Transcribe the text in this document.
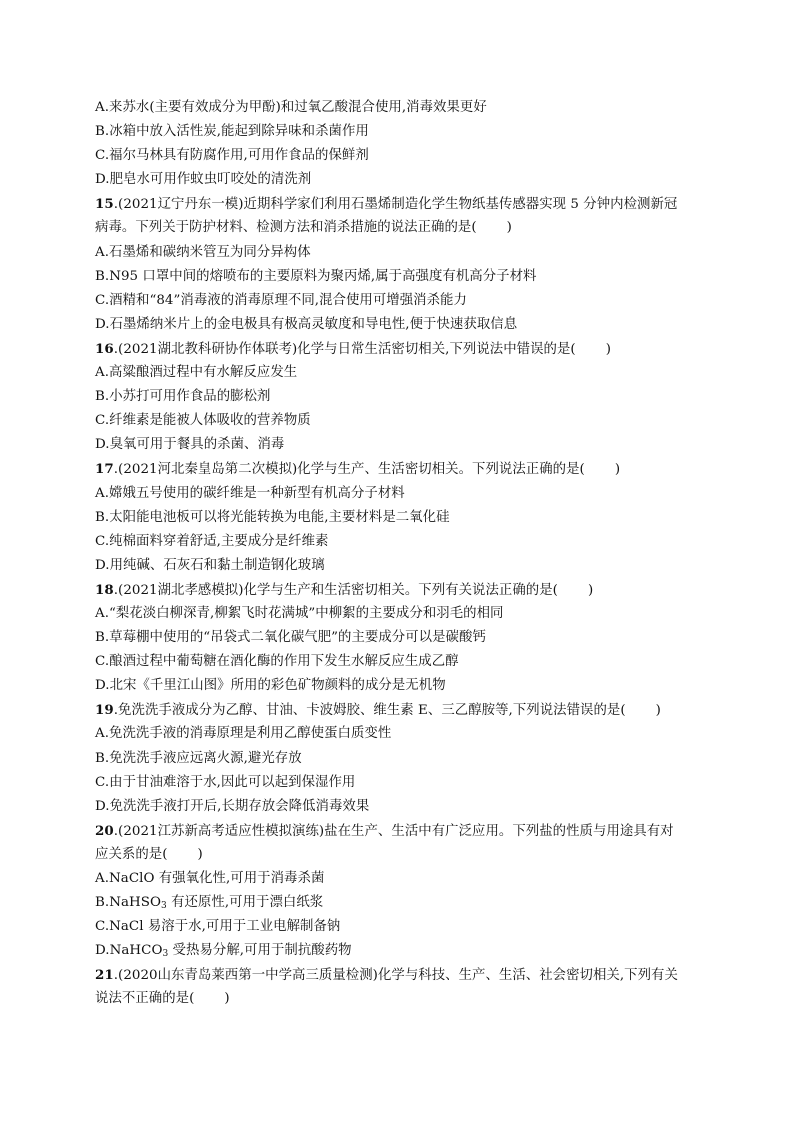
A.来苏水(主要有效成分为甲酚)和过氧乙酸混合使用,消毒效果更好
B.冰箱中放入活性炭,能起到除异味和杀菌作用
C.福尔马林具有防腐作用,可用作食品的保鲜剂
D.肥皂水可用作蚊虫叮咬处的清洗剂
15.(2021辽宁丹东一模)近期科学家们利用石墨烯制造化学生物纸基传感器实现 5 分钟内检测新冠
病毒。下列关于防护材料、检测方法和消杀措施的说法正确的是( )
A.石墨烯和碳纳米管互为同分异构体
B.N95 口罩中间的熔喷布的主要原料为聚丙烯,属于高强度有机高分子材料
C.酒精和“84”消毒液的消毒原理不同,混合使用可增强消杀能力
D.石墨烯纳米片上的金电极具有极高灵敏度和导电性,便于快速获取信息
16.(2021湖北教科研协作体联考)化学与日常生活密切相关,下列说法中错误的是( )
A.高粱酿酒过程中有水解反应发生
B.小苏打可用作食品的膨松剂
C.纤维素是能被人体吸收的营养物质
D.臭氧可用于餐具的杀菌、消毒
17.(2021河北秦皇岛第二次模拟)化学与生产、生活密切相关。下列说法正确的是( )
A.嫦娥五号使用的碳纤维是一种新型有机高分子材料
B.太阳能电池板可以将光能转换为电能,主要材料是二氧化硅
C.纯棉面料穿着舒适,主要成分是纤维素
D.用纯碱、石灰石和黏土制造钢化玻璃
18.(2021湖北孝感模拟)化学与生产和生活密切相关。下列有关说法正确的是( )
A.“梨花淡白柳深青,柳絮飞时花满城”中柳絮的主要成分和羽毛的相同
B.草莓棚中使用的“吊袋式二氧化碳气肥”的主要成分可以是碳酸钙
C.酿酒过程中葡萄糖在酒化酶的作用下发生水解反应生成乙醇
D.北宋《千里江山图》所用的彩色矿物颜料的成分是无机物
19.免洗洗手液成分为乙醇、甘油、卡波姆胶、维生素 E、三乙醇胺等,下列说法错误的是( )
A.免洗洗手液的消毒原理是利用乙醇使蛋白质变性
B.免洗洗手液应远离火源,避光存放
C.由于甘油难溶于水,因此可以起到保湿作用
D.免洗洗手液打开后,长期存放会降低消毒效果
20.(2021江苏新高考适应性模拟演练)盐在生产、生活中有广泛应用。下列盐的性质与用途具有对
应关系的是( )
A.NaClO 有强氧化性,可用于消毒杀菌
B.NaHSO$_3$ 有还原性,可用于漂白纸浆
C.NaCl 易溶于水,可用于工业电解制备钠
D.NaHCO$_3$ 受热易分解,可用于制抗酸药物
21.(2020山东青岛莱西第一中学高三质量检测)化学与科技、生产、生活、社会密切相关,下列有关
说法不正确的是( )
